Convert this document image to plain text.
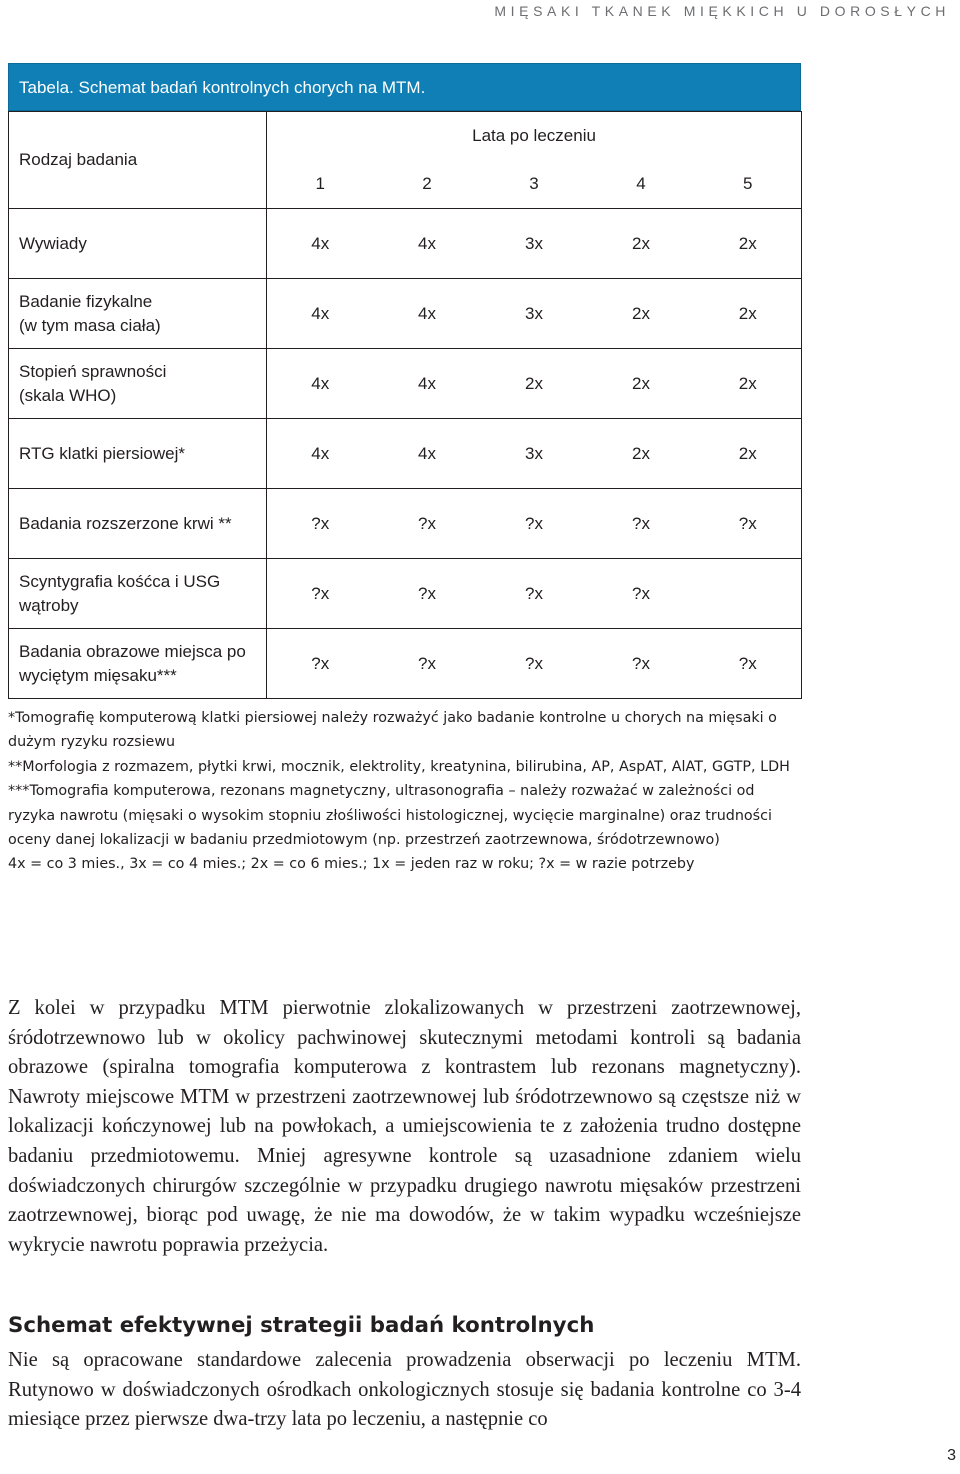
MIĘSAKI TKANEK MIĘKKICH U DOROSŁYCH
Tabela. Schemat badań kontrolnych chorych na MTM.
Rodzaj badania	Lata po leczeniu				
	1	2	3	4	5
Wywiady	4x	4x	3x	2x	2x
Badanie fizykalne
(w tym masa ciała)	4x	4x	3x	2x	2x
Stopień sprawności
(skala WHO)	4x	4x	2x	2x	2x
RTG klatki piersiowej*	4x	4x	3x	2x	2x
Badania rozszerzone krwi **	?x	?x	?x	?x	?x
Scyntygrafia kośćca i USG
wątroby	?x	?x	?x	?x	
Badania obrazowe miejsca po
wyciętym mięsaku***	?x	?x	?x	?x	?x

*Tomografię komputerową klatki piersiowej należy rozważyć jako badanie kontrolne u chorych na mięsaki o dużym ryzyku rozsiewu

**Morfologia z rozmazem, płytki krwi, mocznik, elektrolity, kreatynina, bilirubina, AP, AspAT, AlAT, GGTP, LDH

***Tomografia komputerowa, rezonans magnetyczny, ultrasonografia – należy rozważać w zależności od ryzyka nawrotu (mięsaki o wysokim stopniu złośliwości histologicznej, wycięcie marginalne) oraz trudności oceny danej lokalizacji w badaniu przedmiotowym (np. przestrzeń zaotrzewnowa, śródotrzewnowo)

4x = co 3 mies., 3x = co 4 mies.; 2x = co 6 mies.; 1x = jeden raz w roku; ?x = w razie potrzeby

Z kolei w przypadku MTM pierwotnie zlokalizowanych w przestrzeni zaotrzewnowej, śródotrzewnowo lub w okolicy pachwinowej skutecznymi metodami kontroli są badania obrazowe (spiralna tomografia komputerowa z kontrastem lub rezonans magnetyczny). Nawroty miejscowe MTM w przestrzeni zaotrzewnowej lub śródotrzewnowo są częstsze niż w lokalizacji kończynowej lub na powłokach, a umiejscowienia te z założenia trudno dostępne badaniu przedmiotowemu. Mniej agresywne kontrole są uzasadnione zdaniem wielu doświadczonych chirurgów szczególnie w przypadku drugiego nawrotu mięsaków przestrzeni zaotrzewnowej, biorąc pod uwagę, że nie ma dowodów, że w takim wypadku wcześniejsze wykrycie nawrotu poprawia przeżycia.

Schemat efektywnej strategii badań kontrolnych

Nie są opracowane standardowe zalecenia prowadzenia obserwacji po leczeniu MTM. Rutynowo w doświadczonych ośrodkach onkologicznych stosuje się badania kontrolne co 3-4 miesiące przez pierwsze dwa-trzy lata po leczeniu, a następnie co

3
